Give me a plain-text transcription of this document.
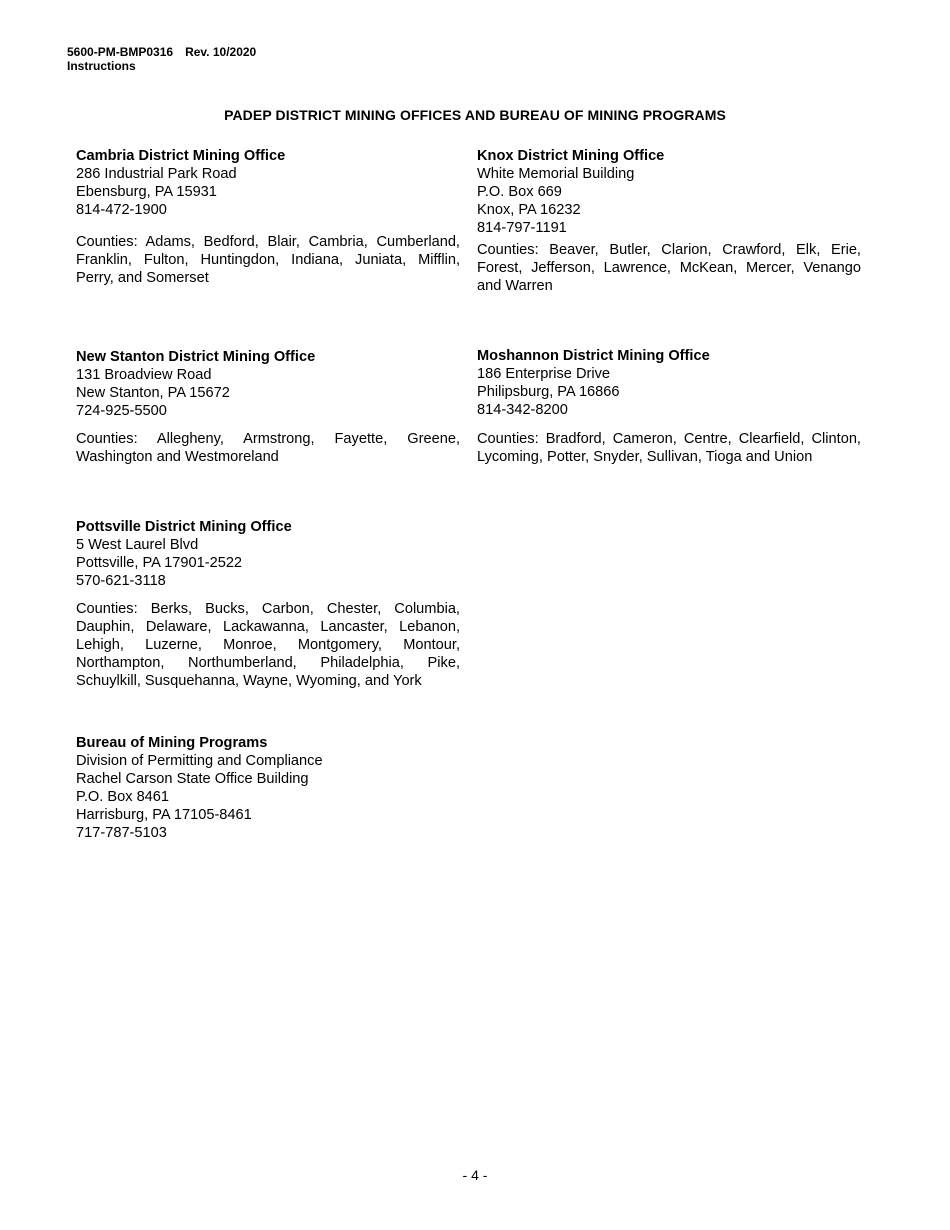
5600-PM-BMP0316 Rev. 10/2020
Instructions
PADEP DISTRICT MINING OFFICES AND BUREAU OF MINING PROGRAMS
Cambria District Mining Office
286 Industrial Park Road
Ebensburg, PA 15931
814-472-1900
Counties: Adams, Bedford, Blair, Cambria, Cumberland, Franklin, Fulton, Huntingdon, Indiana, Juniata, Mifflin, Perry, and Somerset
Knox District Mining Office
White Memorial Building
P.O. Box 669
Knox, PA 16232
814-797-1191
Counties: Beaver, Butler, Clarion, Crawford, Elk, Erie, Forest, Jefferson, Lawrence, McKean, Mercer, Venango and Warren
New Stanton District Mining Office
131 Broadview Road
New Stanton, PA 15672
724-925-5500
Counties: Allegheny, Armstrong, Fayette, Greene, Washington and Westmoreland
Moshannon District Mining Office
186 Enterprise Drive
Philipsburg, PA 16866
814-342-8200
Counties: Bradford, Cameron, Centre, Clearfield, Clinton, Lycoming, Potter, Snyder, Sullivan, Tioga and Union
Pottsville District Mining Office
5 West Laurel Blvd
Pottsville, PA 17901-2522
570-621-3118
Counties: Berks, Bucks, Carbon, Chester, Columbia, Dauphin, Delaware, Lackawanna, Lancaster, Lebanon, Lehigh, Luzerne, Monroe, Montgomery, Montour, Northampton, Northumberland, Philadelphia, Pike, Schuylkill, Susquehanna, Wayne, Wyoming, and York
Bureau of Mining Programs
Division of Permitting and Compliance
Rachel Carson State Office Building
P.O. Box 8461
Harrisburg, PA 17105-8461
717-787-5103
- 4 -
